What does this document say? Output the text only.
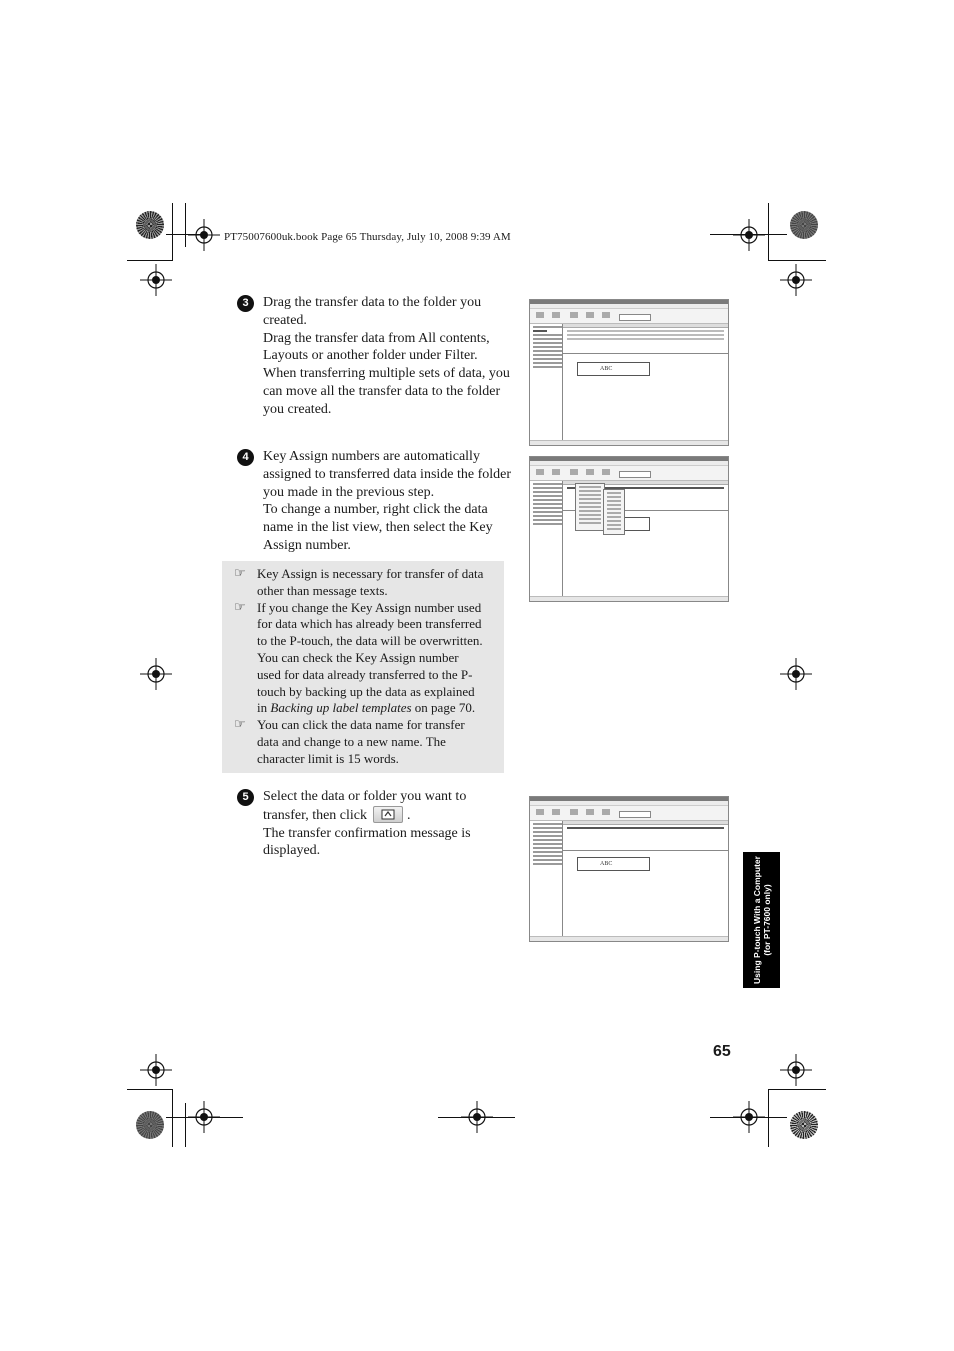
PT75007600uk.book Page 65 Thursday, July 10, 2008 9:39 AM
3	Drag the transfer data to the folder you
created.
Drag the transfer data from All contents,
Layouts or another folder under Filter.
When transferring multiple sets of data, you
can move all the transfer data to the folder
you created.
4	Key Assign numbers are automatically
assigned to transferred data inside the folder
you made in the previous step.
To change a number, right click the data
name in the list view, then select the Key
Assign number.
☞ Key Assign is necessary for transfer of data
other than message texts.
☞ If you change the Key Assign number used
for data which has already been transferred
to the P-touch, the data will be overwritten.
You can check the Key Assign number
used for data already transferred to the P-
touch by backing up the data as explained
in Backing up label templates on page 70.
☞ You can click the data name for transfer
data and change to a new name. The
character limit is 15 words.
5	Select the data or folder you want to
transfer, then click	.
The transfer confirmation message is
displayed.
ABC
ABC	Using P-touch With a Computer (for PT-7600 only)
65
